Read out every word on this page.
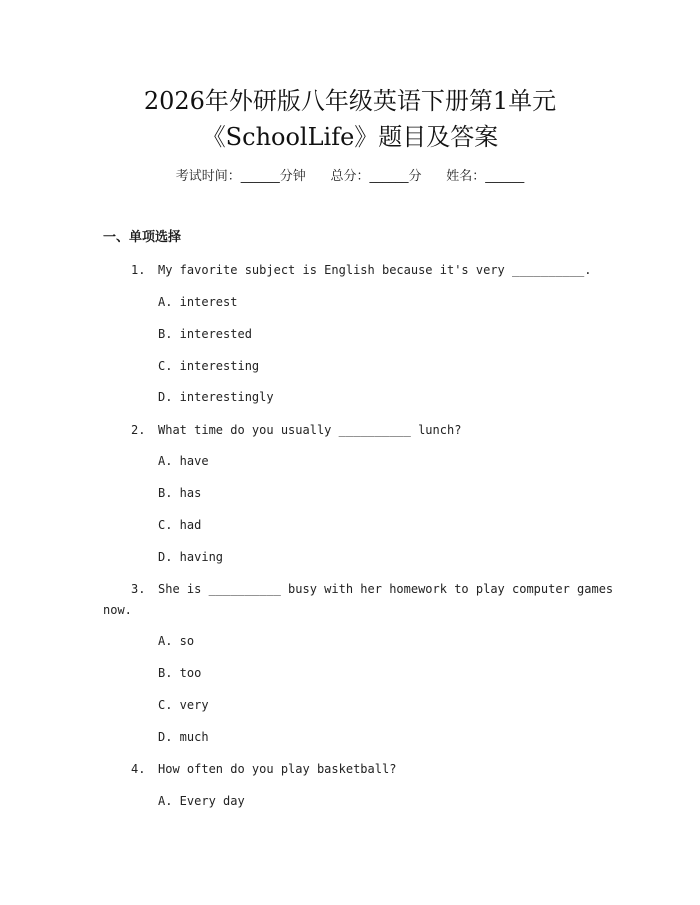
2026年外研版八年级英语下册第1单元
《SchoolLife》题目及答案
考试时间：______分钟      总分：______分      姓名：______
一、单项选择
1. My favorite subject is English because it's very __________.
A. interest
B. interested
C. interesting
D. interestingly
2. What time do you usually __________ lunch?
A. have
B. has
C. had
D. having
3. She is __________ busy with her homework to play computer games
now.
A. so
B. too
C. very
D. much
4. How often do you play basketball?
A. Every day
